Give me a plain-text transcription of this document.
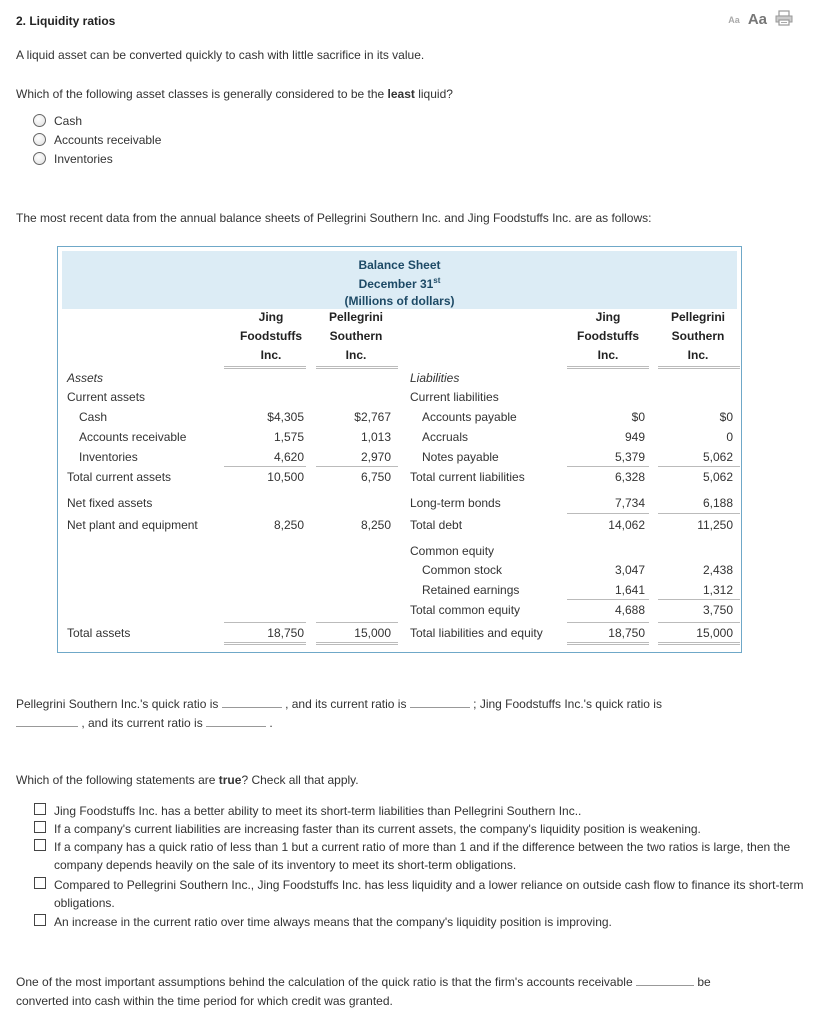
2. Liquidity ratios	Aa Aa
A liquid asset can be converted quickly to cash with little sacrifice in its value.
Which of the following asset classes is generally considered to be the least liquid?
Cash
Accounts receivable
Inventories
The most recent data from the annual balance sheets of Pellegrini Southern Inc. and Jing Foodstuffs Inc. are as follows:
Balance Sheet
December 31st
(Millions of dollars)
Jing
Foodstuffs
Inc.
Pellegrini
Southern
Inc.
Jing
Foodstuffs
Inc.
Pellegrini
Southern
Inc.
Assets
Current assets
Cash	$4,305	$2,767
Accounts receivable	1,575	1,013
Inventories	4,620	2,970
Total current assets	10,500	6,750
Net fixed assets
Net plant and equipment	8,250	8,250
Total assets	18,750	15,000
Liabilities
Current liabilities
Accounts payable	$0	$0
Accruals	949	0
Notes payable	5,379	5,062
Total current liabilities	6,328	5,062
Long-term bonds	7,734	6,188
Total debt	14,062	11,250
Common equity
Common stock	3,047	2,438
Retained earnings	1,641	1,312
Total common equity	4,688	3,750
Total liabilities and equity	18,750	15,000
Pellegrini Southern Inc.'s quick ratio is	, and its current ratio is	; Jing Foodstuffs Inc.'s quick ratio is
, and its current ratio is	.
Which of the following statements are true? Check all that apply.
Jing Foodstuffs Inc. has a better ability to meet its short-term liabilities than Pellegrini Southern Inc..
If a company's current liabilities are increasing faster than its current assets, the company's liquidity position is weakening.
If a company has a quick ratio of less than 1 but a current ratio of more than 1 and if the difference between the two ratios is large, then the company depends heavily on the sale of its inventory to meet its short-term obligations.
Compared to Pellegrini Southern Inc., Jing Foodstuffs Inc. has less liquidity and a lower reliance on outside cash flow to finance its short-term obligations.
An increase in the current ratio over time always means that the company's liquidity position is improving.
One of the most important assumptions behind the calculation of the quick ratio is that the firm's accounts receivable	be
converted into cash within the time period for which credit was granted.
